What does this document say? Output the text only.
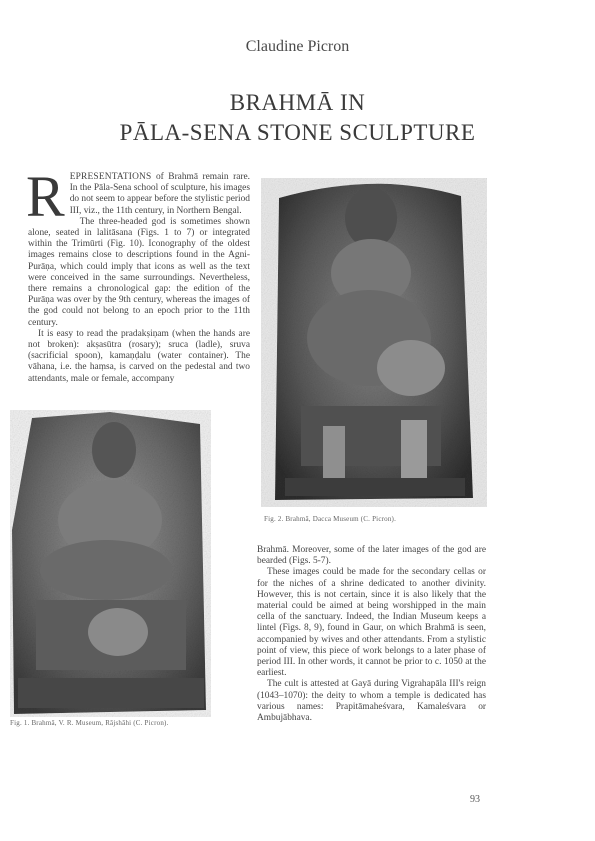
Claudine Picron
BRAHMĀ IN
PĀLA-SENA STONE SCULPTURE

REPRESENTATIONS of Brahmā remain rare. In the Pāla-Sena school of sculpture, his images do not seem to appear before the stylistic period III, viz., the 11th century, in Northern Bengal.

The three-headed god is sometimes shown alone, seated in lalitāsana (Figs. 1 to 7) or integrated within the Trimūrti (Fig. 10). Iconography of the oldest images remains close to descriptions found in the Agni-Purāṇa, which could imply that icons as well as the text were conceived in the same surroundings. Nevertheless, there remains a chronological gap: the edition of the Purāṇa was over by the 9th century, whereas the images of the god could not belong to an epoch prior to the 11th century.

It is easy to read the pradakṣiṇam (when the hands are not broken): akṣasūtra (rosary); sruca (ladle), sruva (sacrificial spoon), kamaṇḍalu (water container). The vāhana, i.e. the haṃsa, is carved on the pedestal and two attendants, male or female, accompany

Fig. 2. Brahmā, Dacca Museum (C. Picron).
Fig. 1. Brahmā, V. R. Museum, Rājshāhi (C. Picron).

Brahmā. Moreover, some of the later images of the god are bearded (Figs. 5-7).

These images could be made for the secondary cellas or for the niches of a shrine dedicated to another divinity. However, this is not certain, since it is also likely that the material could be aimed at being worshipped in the main cella of the sanctuary. Indeed, the Indian Museum keeps a lintel (Figs. 8, 9), found in Gaur, on which Brahmā is seen, accompanied by wives and other attendants. From a stylistic point of view, this piece of work belongs to a later phase of period III. In other words, it cannot be prior to c. 1050 at the earliest.

The cult is attested at Gayā during Vigrahapāla III's reign (1043–1070): the deity to whom a temple is dedicated has various names: Prapitāmaheśvara, Kamaleśvara or Ambujābhava.

93
